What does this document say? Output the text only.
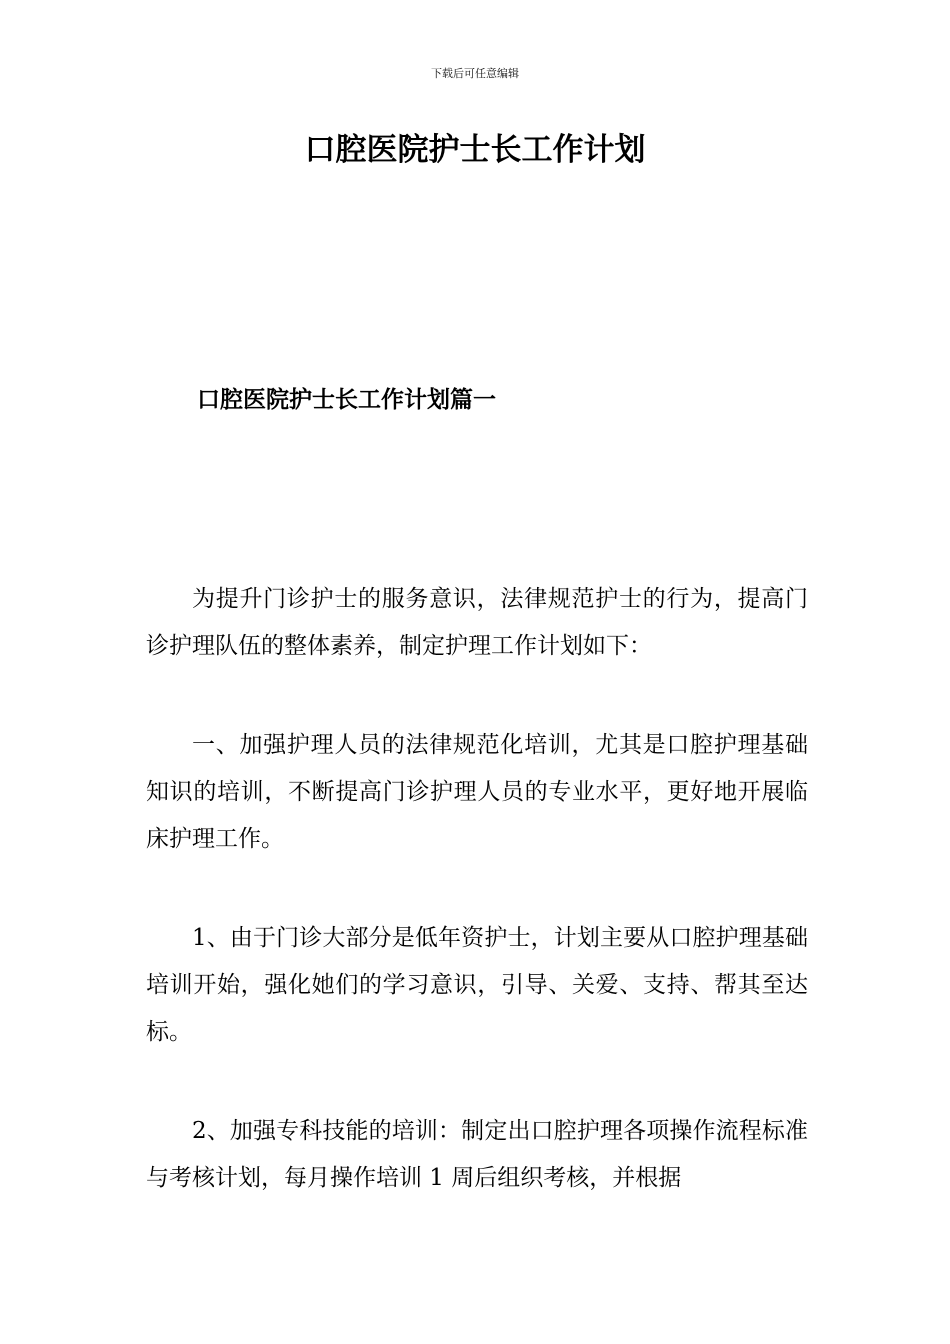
下载后可任意编辑
口腔医院护士长工作计划
口腔医院护士长工作计划篇一

为提升门诊护士的服务意识，法律规范护士的行为，提高门诊护理队伍的整体素养，制定护理工作计划如下：

一、加强护理人员的法律规范化培训，尤其是口腔护理基础知识的培训，不断提高门诊护理人员的专业水平，更好地开展临床护理工作。

1、由于门诊大部分是低年资护士，计划主要从口腔护理基础培训开始，强化她们的学习意识，引导、关爱、支持、帮其至达标。

2、加强专科技能的培训：制定出口腔护理各项操作流程标准与考核计划，每月操作培训 1 周后组织考核，并根据
